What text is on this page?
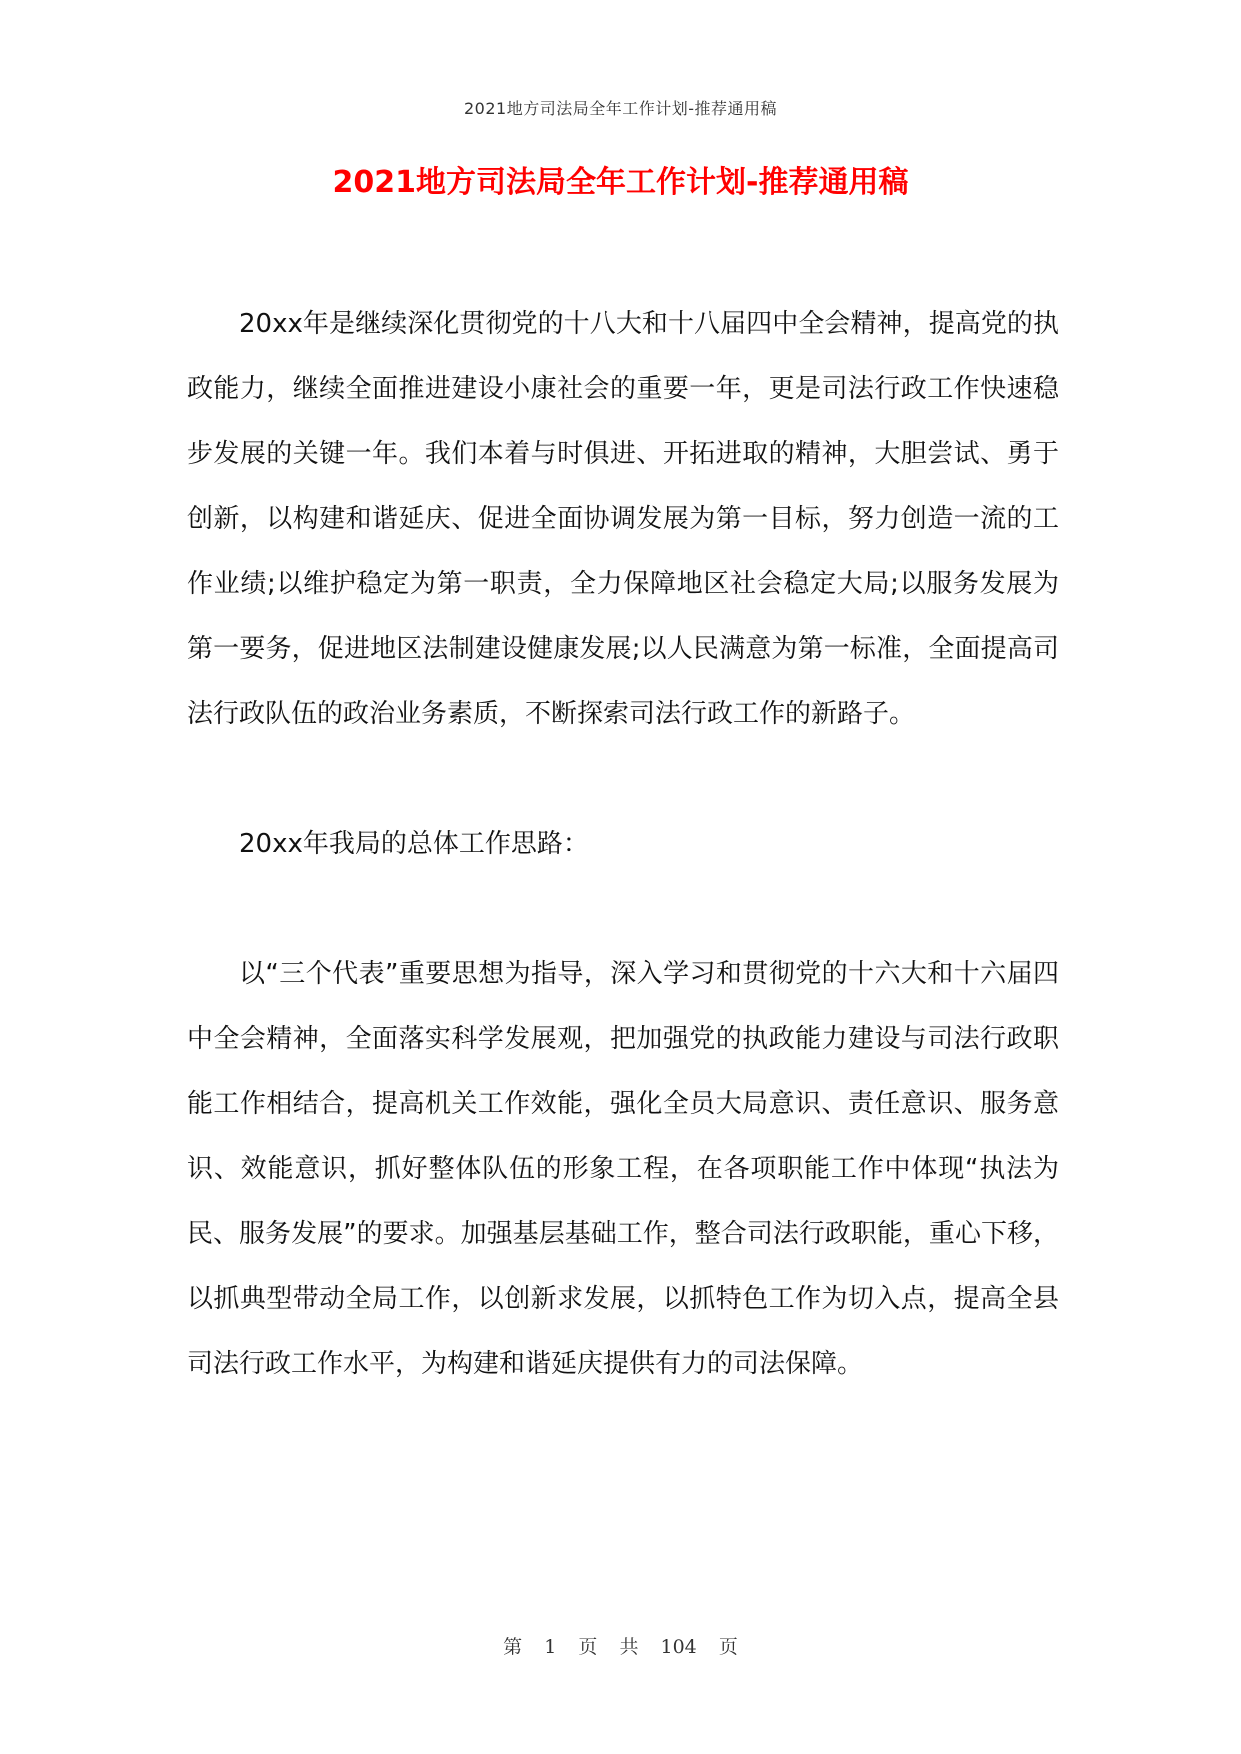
2021地方司法局全年工作计划-推荐通用稿
2021地方司法局全年工作计划-推荐通用稿

20xx年是继续深化贯彻党的十八大和十八届四中全会精神，提高党的执政能力，继续全面推进建设小康社会的重要一年，更是司法行政工作快速稳步发展的关键一年。我们本着与时俱进、开拓进取的精神，大胆尝试、勇于创新，以构建和谐延庆、促进全面协调发展为第一目标，努力创造一流的工作业绩;以维护稳定为第一职责，全力保障地区社会稳定大局;以服务发展为第一要务，促进地区法制建设健康发展;以人民满意为第一标准，全面提高司法行政队伍的政治业务素质，不断探索司法行政工作的新路子。

20xx年我局的总体工作思路：

以“三个代表”重要思想为指导，深入学习和贯彻党的十六大和十六届四中全会精神，全面落实科学发展观，把加强党的执政能力建设与司法行政职能工作相结合，提高机关工作效能，强化全员大局意识、责任意识、服务意识、效能意识，抓好整体队伍的形象工程，在各项职能工作中体现“执法为民、服务发展”的要求。加强基层基础工作，整合司法行政职能，重心下移，以抓典型带动全局工作，以创新求发展，以抓特色工作为切入点，提高全县司法行政工作水平，为构建和谐延庆提供有力的司法保障。

第 1 页 共 104 页
